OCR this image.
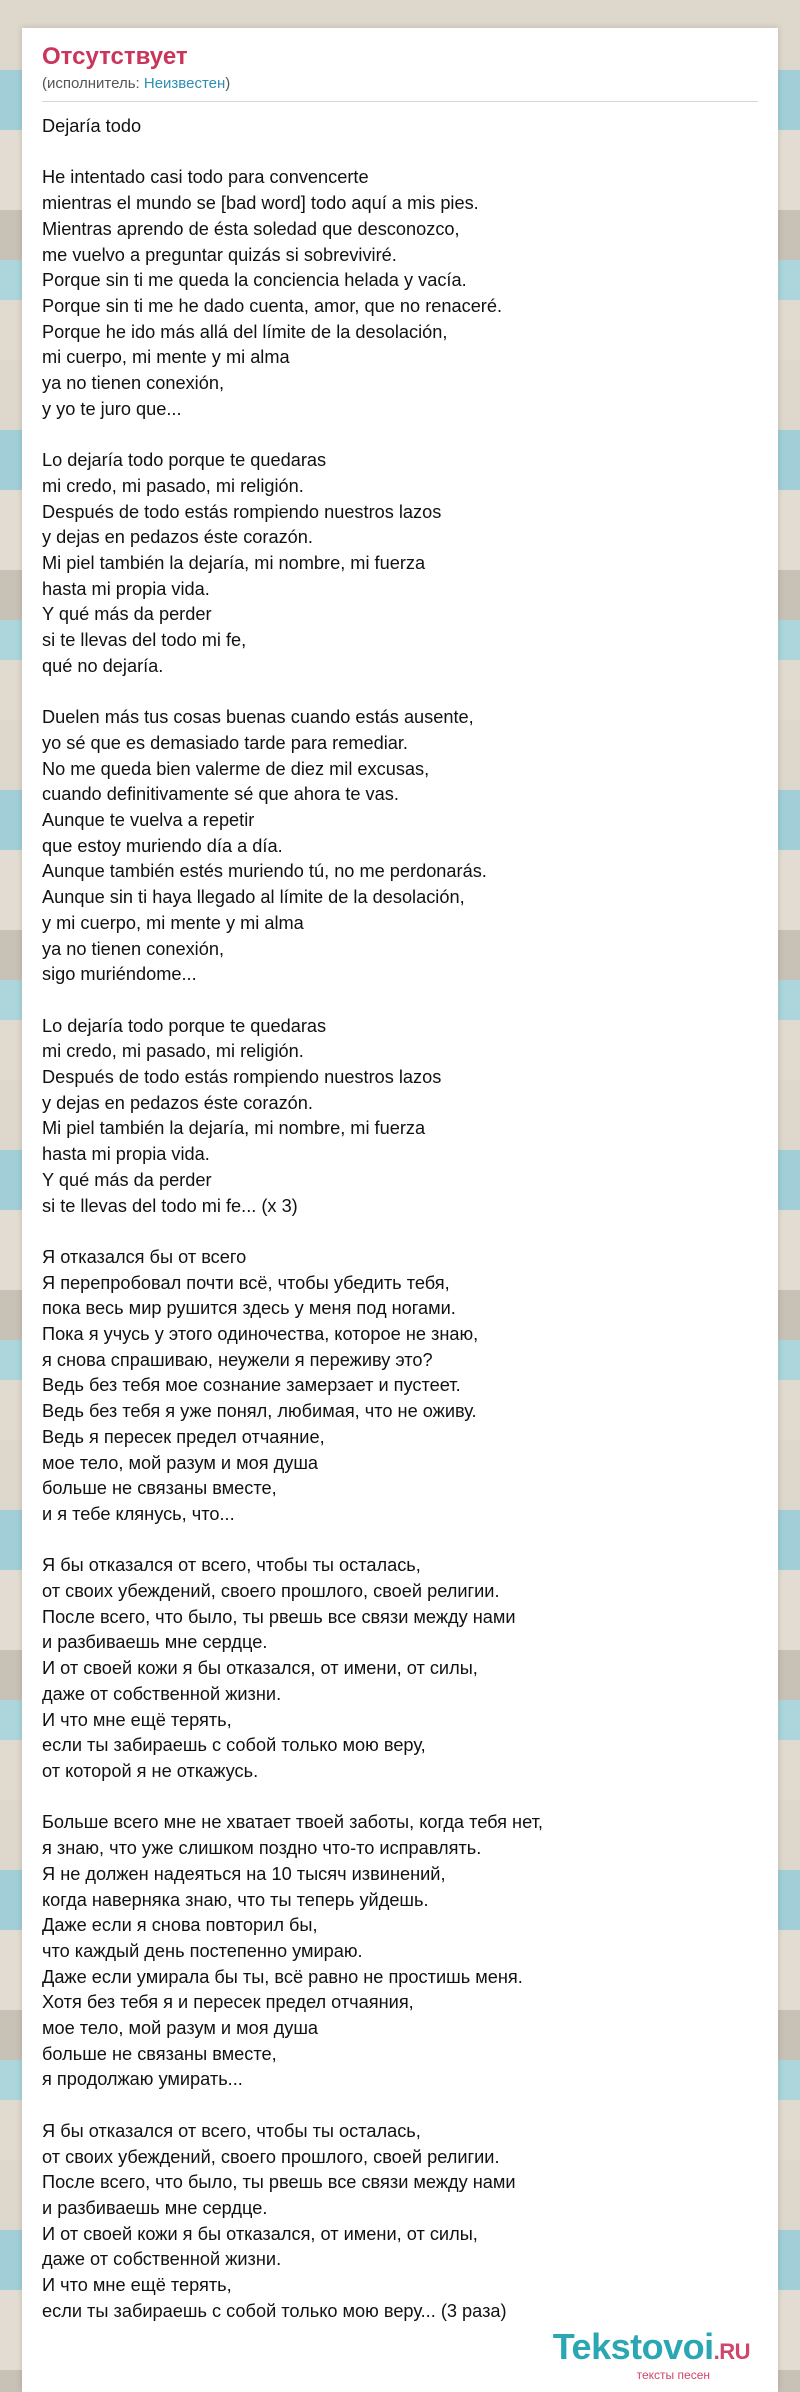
Отсутствует
(исполнитель: Неизвестен)
Dejaría todo

He intentado casi todo para convencerte
mientras el mundo se [bad word] todo aquí a mis pies.
Mientras aprendo de ésta soledad que desconozco,
me vuelvo a preguntar quizás si sobreviviré.
Porque sin ti me queda la conciencia helada y vacía.
Porque sin ti me he dado cuenta, amor, que no renaceré.
Porque he ido más allá del límite de la desolación,
mi cuerpo, mi mente y mi alma
ya no tienen conexión,
y yo te juro que...

Lo dejaría todo porque te quedaras
mi credo, mi pasado, mi religión.
Después de todo estás rompiendo nuestros lazos
y dejas en pedazos éste corazón.
Mi piel también la dejaría, mi nombre, mi fuerza
hasta mi propia vida.
Y qué más da perder
si te llevas del todo mi fe,
qué no dejaría.

Duelen más tus cosas buenas cuando estás ausente,
yo sé que es demasiado tarde para remediar.
No me queda bien valerme de diez mil excusas,
cuando definitivamente sé que ahora te vas.
Aunque te vuelva a repetir
que estoy muriendo día a día.
Aunque también estés muriendo tú, no me perdonarás.
Aunque sin ti haya llegado al límite de la desolación,
y mi cuerpo, mi mente y mi alma
ya no tienen conexión,
sigo muriéndome...

Lo dejaría todo porque te quedaras
mi credo, mi pasado, mi religión.
Después de todo estás rompiendo nuestros lazos
y dejas en pedazos éste corazón.
Mi piel también la dejaría, mi nombre, mi fuerza
hasta mi propia vida.
Y qué más da perder
si te llevas del todo mi fe... (x 3)

Я отказался бы от всего
Я перепробовал почти всё, чтобы убедить тебя,
пока весь мир рушится здесь у меня под ногами.
Пока я учусь у этого одиночества, которое не знаю,
я снова спрашиваю, неужели я переживу это?
Ведь без тебя мое сознание замерзает и пустеет.
Ведь без тебя я уже понял, любимая, что не оживу.
Ведь я пересек предел отчаяние,
мое тело, мой разум и моя душа
больше не связаны вместе,
и я тебе клянусь, что...

Я бы отказался от всего, чтобы ты осталась,
от своих убеждений, своего прошлого, своей религии.
После всего, что было, ты рвешь все связи между нами
и разбиваешь мне сердце.
И от своей кожи я бы отказался, от имени, от силы,
даже от собственной жизни.
И что мне ещё терять,
если ты забираешь с собой только мою веру,
от которой я не откажусь.

Больше всего мне не хватает твоей заботы, когда тебя нет,
я знаю, что уже слишком поздно что-то исправлять.
Я не должен надеяться на 10 тысяч извинений,
когда наверняка знаю, что ты теперь уйдешь.
Даже если я снова повторил бы,
что каждый день постепенно умираю.
Даже если умирала бы ты, всё равно не простишь меня.
Хотя без тебя я и пересек предел отчаяния,
мое тело, мой разум и моя душа
больше не связаны вместе,
я продолжаю умирать...

Я бы отказался от всего, чтобы ты осталась,
от своих убеждений, своего прошлого, своей религии.
После всего, что было, ты рвешь все связи между нами
и разбиваешь мне сердце.
И от своей кожи я бы отказался, от имени, от силы,
даже от собственной жизни.
И что мне ещё терять,
если ты забираешь с собой только мою веру... (3 раза)
Tekstovoi.RU
тексты песен
